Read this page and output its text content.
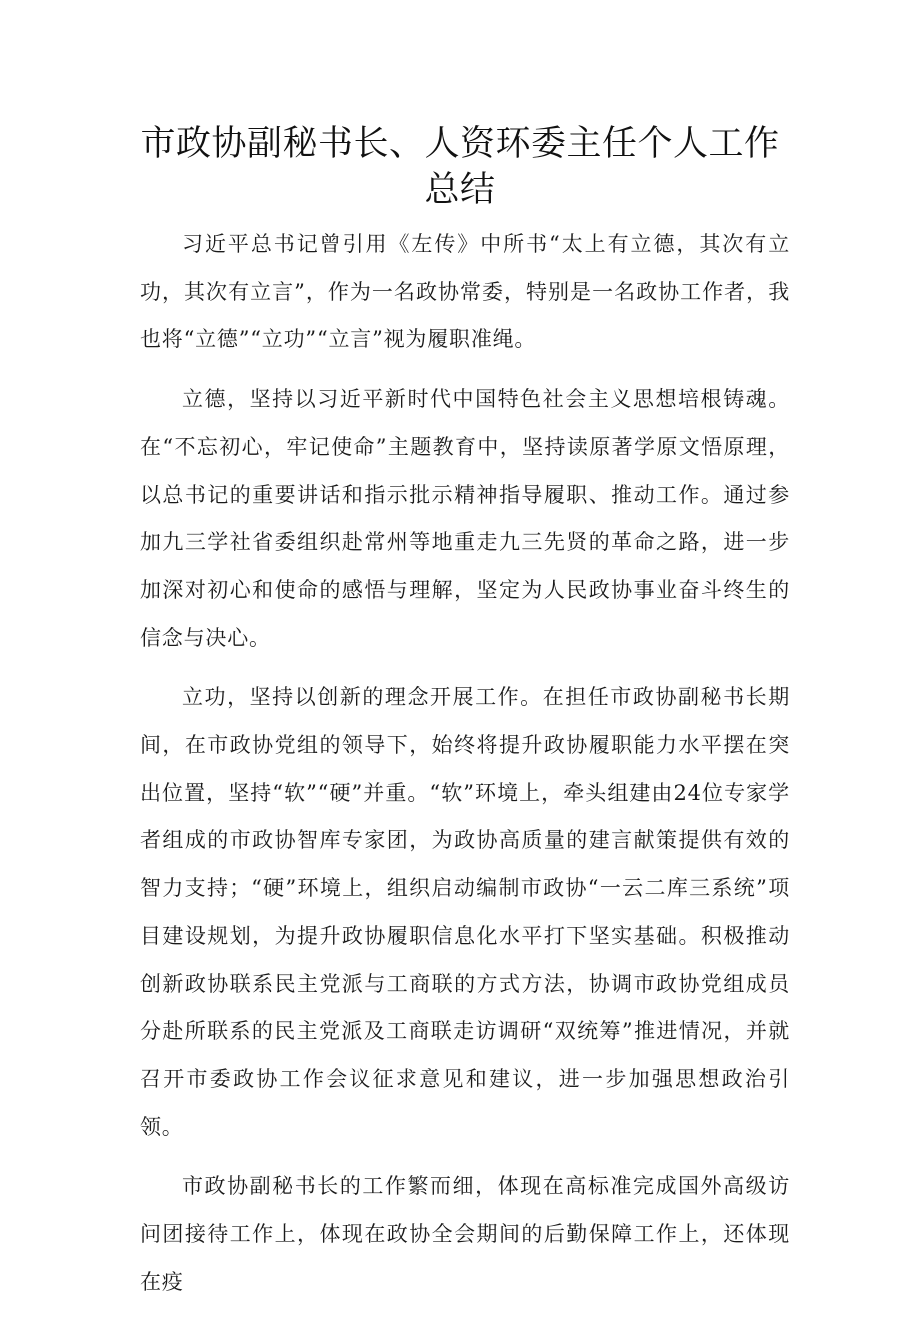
市政协副秘书长、人资环委主任个人工作
总结

习近平总书记曾引用《左传》中所书“太上有立德，其次有立功，其次有立言”，作为一名政协常委，特别是一名政协工作者，我也将“立德”“立功”“立言”视为履职准绳。

立德，坚持以习近平新时代中国特色社会主义思想培根铸魂。在“不忘初心，牢记使命”主题教育中，坚持读原著学原文悟原理，以总书记的重要讲话和指示批示精神指导履职、推动工作。通过参加九三学社省委组织赴常州等地重走九三先贤的革命之路，进一步加深对初心和使命的感悟与理解，坚定为人民政协事业奋斗终生的信念与决心。

立功，坚持以创新的理念开展工作。在担任市政协副秘书长期间，在市政协党组的领导下，始终将提升政协履职能力水平摆在突出位置，坚持“软”“硬”并重。“软”环境上，牵头组建由24位专家学者组成的市政协智库专家团，为政协高质量的建言献策提供有效的智力支持；“硬”环境上，组织启动编制市政协“一云二库三系统”项目建设规划，为提升政协履职信息化水平打下坚实基础。积极推动创新政协联系民主党派与工商联的方式方法，协调市政协党组成员分赴所联系的民主党派及工商联走访调研“双统筹”推进情况，并就召开市委政协工作会议征求意见和建议，进一步加强思想政治引领。

市政协副秘书长的工作繁而细，体现在高标准完成国外高级访问团接待工作上，体现在政协全会期间的后勤保障工作上，还体现在疫
